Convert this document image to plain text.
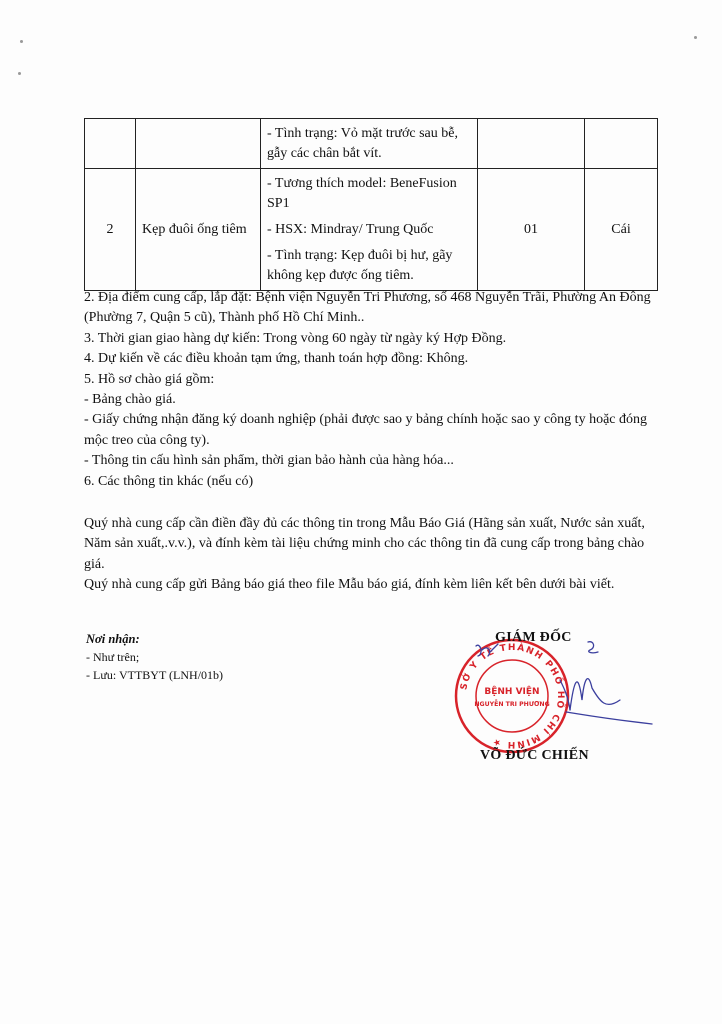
		- Tình trạng: Vỏ mặt trước sau bễ, gẫy các chân bắt vít.		

2	Kẹp đuôi ống tiêm	- Tương thích model: BeneFusion SP1
- HSX: Mindray/ Trung Quốc
- Tình trạng: Kẹp đuôi bị hư, gãy không kẹp được ống tiêm.	01	Cái

2. Địa điểm cung cấp, lắp đặt: Bệnh viện Nguyễn Tri Phương, số 468 Nguyễn Trãi, Phường An Đông (Phường 7, Quận 5 cũ), Thành phố Hồ Chí Minh..

3. Thời gian giao hàng dự kiến: Trong vòng 60 ngày từ ngày ký Hợp Đồng.

4. Dự kiến về các điều khoản tạm ứng, thanh toán hợp đồng: Không.

5. Hồ sơ chào giá gồm:

- Bảng chào giá.

- Giấy chứng nhận đăng ký doanh nghiệp (phải được sao y bảng chính hoặc sao y công ty hoặc đóng mộc treo của công ty).

- Thông tin cấu hình sản phẩm, thời gian bảo hành của hàng hóa...

6. Các thông tin khác (nếu có)

Quý nhà cung cấp cần điền đầy đủ các thông tin trong Mẫu Báo Giá (Hãng sản xuất, Nước sản xuất, Năm sản xuất,.v.v.), và đính kèm tài liệu chứng minh cho các thông tin đã cung cấp trong bảng chào giá.

Quý nhà cung cấp gửi Bảng báo giá theo file Mẫu báo giá, đính kèm liên kết bên dưới bài viết.

Nơi nhận:

- Như trên;

- Lưu: VTTBYT (LNH/01b)

SỞ Y TẾ THÀNH PHỐ HỒ CHÍ MINH ★
BỆNH VIỆN
NGUYỄN TRI PHƯƠNG
GIÁM ĐỐC
VÕ ĐỨC CHIẾN
